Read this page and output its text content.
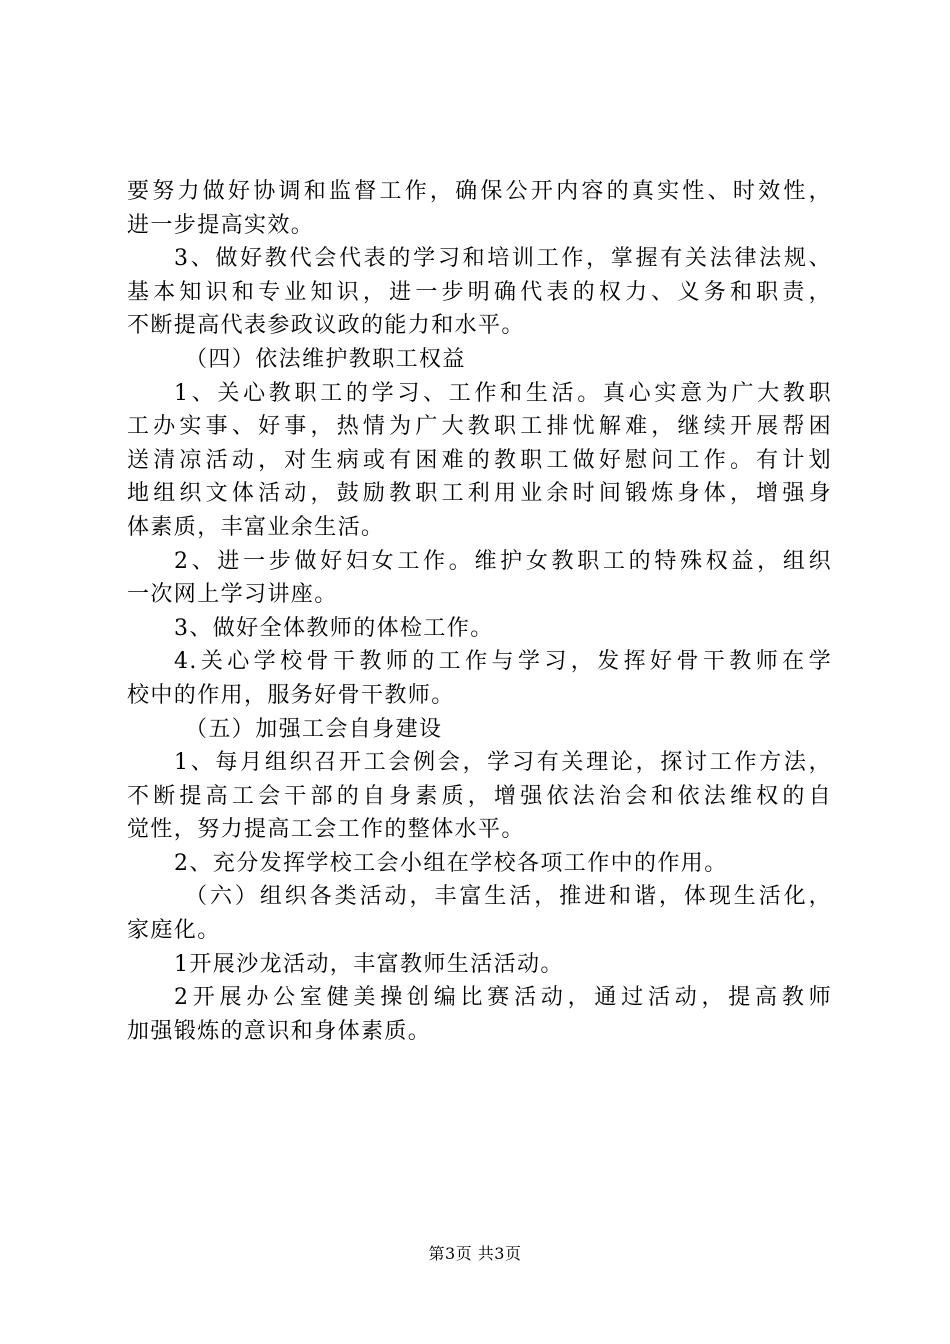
要努力做好协调和监督工作，确保公开内容的真实性、时效性，
进一步提高实效。
3、做好教代会代表的学习和培训工作，掌握有关法律法规、
基本知识和专业知识，进一步明确代表的权力、义务和职责，
不断提高代表参政议政的能力和水平。
（四）依法维护教职工权益
1、关心教职工的学习、工作和生活。真心实意为广大教职
工办实事、好事，热情为广大教职工排忧解难，继续开展帮困
送清凉活动，对生病或有困难的教职工做好慰问工作。有计划
地组织文体活动，鼓励教职工利用业余时间锻炼身体，增强身
体素质，丰富业余生活。
2、进一步做好妇女工作。维护女教职工的特殊权益，组织
一次网上学习讲座。
3、做好全体教师的体检工作。
4.关心学校骨干教师的工作与学习，发挥好骨干教师在学
校中的作用，服务好骨干教师。
（五）加强工会自身建设
1、每月组织召开工会例会，学习有关理论，探讨工作方法，
不断提高工会干部的自身素质，增强依法治会和依法维权的自
觉性，努力提高工会工作的整体水平。
2、充分发挥学校工会小组在学校各项工作中的作用。
（六）组织各类活动，丰富生活，推进和谐，体现生活化，
家庭化。
1开展沙龙活动，丰富教师生活活动。
2开展办公室健美操创编比赛活动，通过活动，提高教师
加强锻炼的意识和身体素质。
第3页 共3页
